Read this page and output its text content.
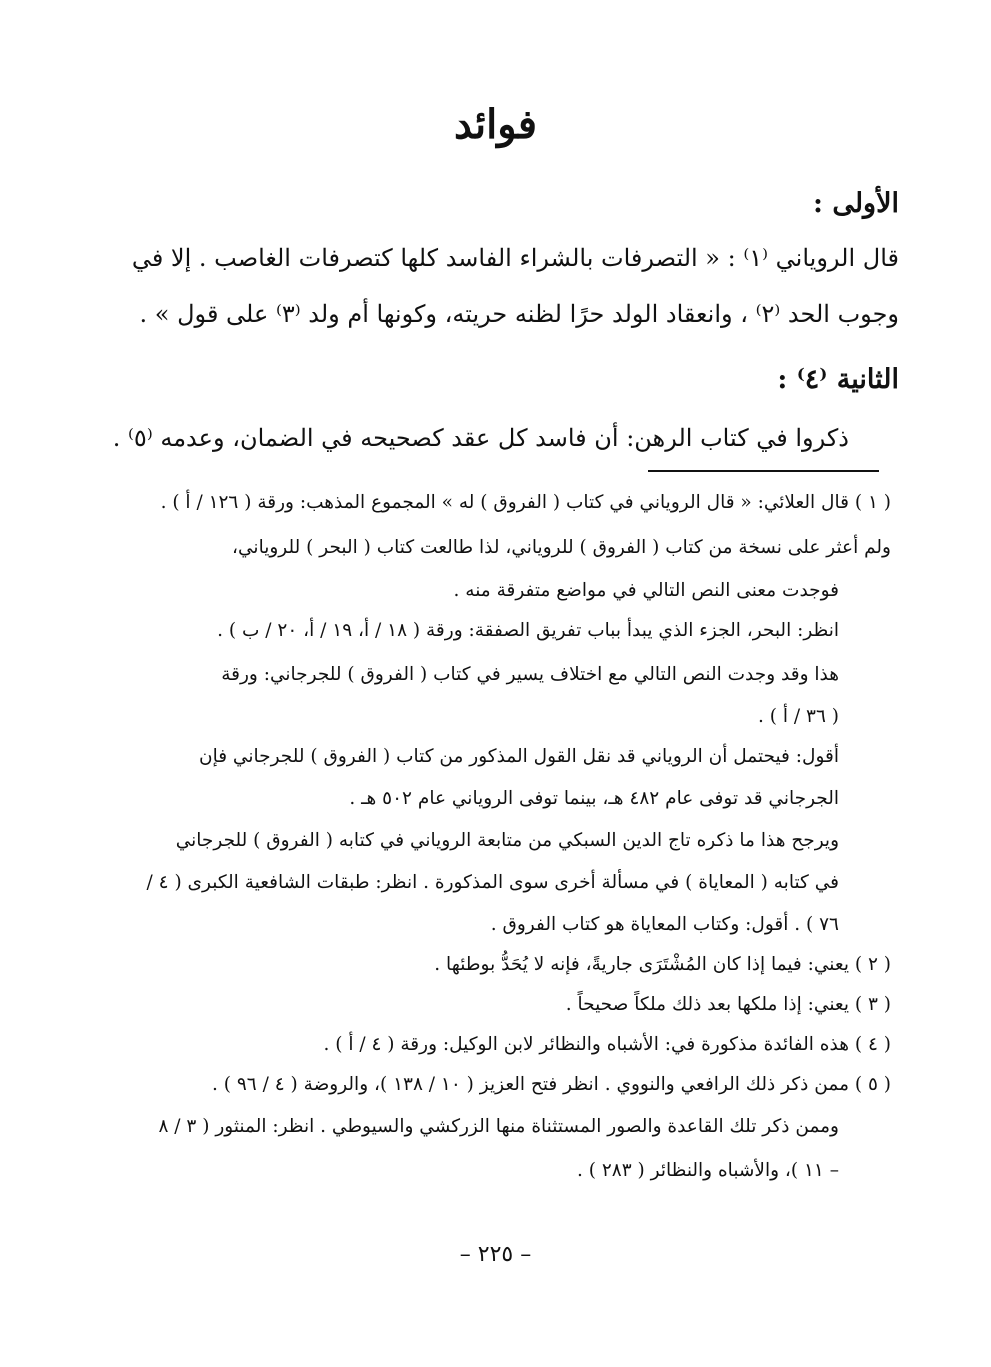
فوائد
الأولى :
قال الروياني ⁽١⁾ : « التصرفات بالشراء الفاسد كلها كتصرفات الغاصب . إلا في
وجوب الحد ⁽٢⁾ ، وانعقاد الولد حرًا لظنه حريته، وكونها أم ولد ⁽٣⁾ على قول » .
الثانية ⁽٤⁾ :
ذكروا في كتاب الرهن: أن فاسد كل عقد كصحيحه في الضمان، وعدمه ⁽٥⁾ .
( ١ ) قال العلائي: « قال الروياني في كتاب ( الفروق ) له » المجموع المذهب: ورقة ( ١٢٦ / أ ) .
ولم أعثر على نسخة من كتاب ( الفروق ) للروياني، لذا طالعت كتاب ( البحر ) للروياني،
فوجدت معنى النص التالي في مواضع متفرقة منه .
انظر: البحر، الجزء الذي يبدأ بباب تفريق الصفقة: ورقة ( ١٨ / أ، ١٩ / أ، ٢٠ / ب ) .
هذا وقد وجدت النص التالي مع اختلاف يسير في كتاب ( الفروق ) للجرجاني: ورقة
( ٣٦ / أ ) .
أقول: فيحتمل أن الروياني قد نقل القول المذكور من كتاب ( الفروق ) للجرجاني فإن
الجرجاني قد توفى عام ٤٨٢ هـ، بينما توفى الروياني عام ٥٠٢ هـ .
ويرجح هذا ما ذكره تاج الدين السبكي من متابعة الروياني في كتابه ( الفروق ) للجرجاني
في كتابه ( المعاياة ) في مسألة أخرى سوى المذكورة . انظر: طبقات الشافعية الكبرى ( ٤ /
٧٦ ) . أقول: وكتاب المعاياة هو كتاب الفروق .
( ٢ ) يعني: فيما إذا كان المُشْتَرَى جاريةً، فإنه لا يُحَدُّ بوطئها .
( ٣ ) يعني: إذا ملكها بعد ذلك ملكاً صحيحاً .
( ٤ ) هذه الفائدة مذكورة في: الأشباه والنظائر لابن الوكيل: ورقة ( ٤ / أ ) .
( ٥ ) ممن ذكر ذلك الرافعي والنووي . انظر فتح العزيز ( ١٠ / ١٣٨ )، والروضة ( ٤ / ٩٦ ) .
وممن ذكر تلك القاعدة والصور المستثناة منها الزركشي والسيوطي . انظر: المنثور ( ٣ / ٨
– ١١ )، والأشباه والنظائر ( ٢٨٣ ) .
– ٢٢٥ –
